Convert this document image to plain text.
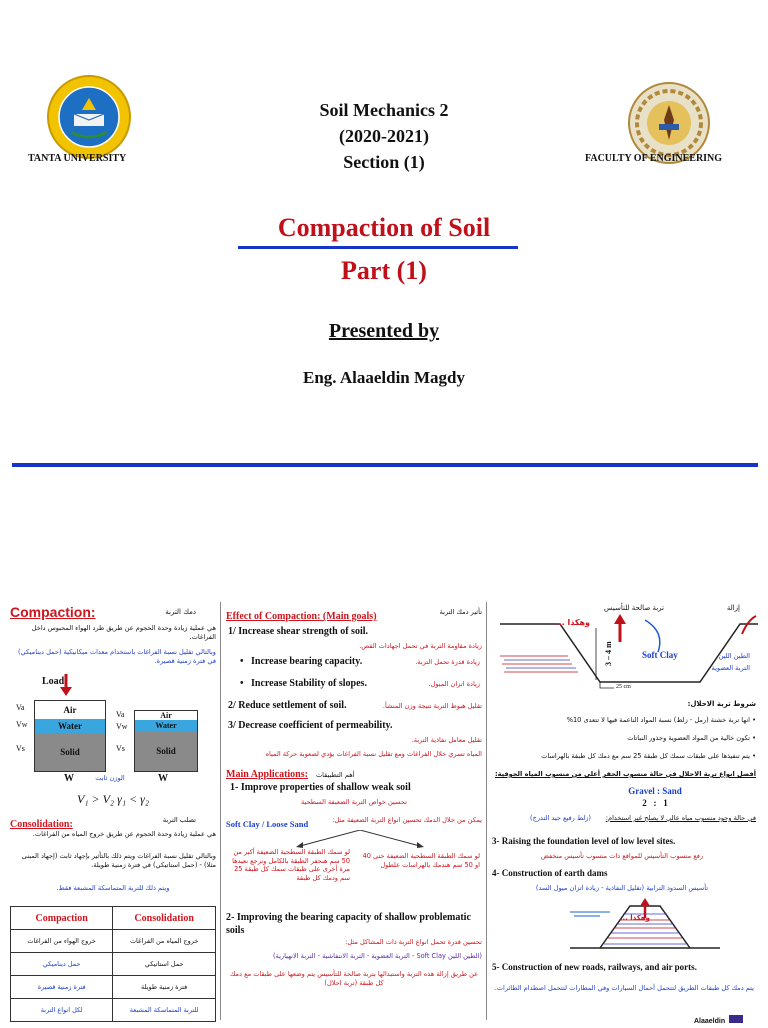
TANTA UNIVERSITY
Soil Mechanics 2
(2020-2021)
Section (1)	FACULTY OF ENGINEERING
Compaction of Soil
Part (1)
Presented by
Eng. Alaaeldin Magdy
Compaction:	دمك التربة
هي عملية زيادة وحدة الحجوم عن طريق طرد الهواء المحبوس داخل الفراغات.
وبالتالي تقليل نسبة الفراغات باستخدام معدات ميكانيكية (حمل ديناميكي) في فترة زمنية قصيرة.
Load
Air
Water
Solid
Va
Vw
Vs
Air
Water
Solid
Va
Vw
Vs
W	الوزن ثابت	W
V₁ > V₂ γ₁ < γ₂
Consolidation:	تصلب التربة
هي عملية زيادة وحدة الحجوم عن طريق خروج المياه من الفراغات.
وبالتالي تقليل نسبة الفراغات ويتم ذلك بالتأثير بإجهاد ثابت (إجهاد المبنى مثلا) - (حمل استاتيكي) في فترة زمنية طويلة.
ويتم ذلك للتربة المتماسكة المشبعة فقط.
Compaction	Consolidation
خروج الهواء من الفراغات	خروج المياه من الفراغات
حمل ديناميكي	حمل استاتيكي
فترة زمنية قصيرة	فترة زمنية طويلة
لكل انواع التربة	للتربة المتماسكة المشبعة
Effect of Compaction: (Main goals)	تأثير دمك التربة
1/ Increase shear strength of soil.
زيادة مقاومة التربة في تحمل اجهادات القص.
•   Increase bearing capacity.	زيادة قدرة تحمل التربة.
•   Increase Stability of slopes.	زيادة اتزان الميول.
2/ Reduce settlement of soil.	تقليل هبوط التربة نتيجة وزن المنشأ.
3/ Decrease coefficient of permeability.
تقليل معامل نفاذية التربة.
المياه تسري خلال الفراغات ومع تقليل نسبة الفراغات يؤدي لصعوبة حركة المياه
Main Applications: أهم التطبيقات
1- Improve properties of shallow weak soil
تحسين خواص التربة الضعيفة السطحية
Soft Clay / Loose Sand	يمكن من خلال الدمك تحسين انواع التربة الضعيفة مثل:
لو سمك الطبقة السطحية الضعيفة حتى 40 او 50 سم هندمك بالهراسات علطول
لو سمك الطبقة السطحية الضعيفة أكبر من 50 سم هنحفر الطبقة بالكامل ونرجع نعيدها مرة أخرى على طبقات سمك كل طبقة 25 سم ودمك كل طبقة
2- Improving the bearing capacity of shallow problematic soils
تحسين قدرة تحمل انواع التربة ذات المشاكل مثل:
(الطين اللين Soft Clay - التربة العضوية - التربة الانتفاشية - التربة الانهيارية)
عن طريق إزالة هذه التربة واستبدالها بتربة صالحة للتأسيس يتم وضعها على طبقات مع دمك كل طبقة (تربة احلال)
إزالة
تربة صالحة للتأسيس
وهكذا ...
Soft Clay	الطين اللين
التربة العضوية
3 – 4 m
25 cm
شروط تربة الاحلال:
• انها تربة خشنة (رمل - زلط) نسبة المواد الناعمة فيها لا تتعدى 10%
• تكون خالية من المواد العضوية وجذور النباتات
• يتم تنفيذها على طبقات سمك كل طبقة 25 سم مع دمك كل طبقة بالهراسات
أفضل انواع تربة الاحلال في حالة منسوب الحفر أعلى من منسوب المياه الجوفية:
Gravel : Sand
2   :   1
في حالة وجود منسوب مياه عالي لا يصلح غير استخدام:
(زلط رفيع جيد التدرج)
3- Raising the foundation level of low level sites.
رفع منسوب التأسيس للمواقع ذات منسوب تأسيس منخفض
4- Construction of earth dams
تأسيس السدود الترابية (تقليل النفاذية - زيادة اتزان ميول السد)
وهكذا ...
5- Construction of new roads, railways, and air ports.
يتم دمك كل طبقات الطريق لتتحمل أحمال السيارات وفي المطارات لتتحمل اصطدام الطائرات.
Alaaeldin
